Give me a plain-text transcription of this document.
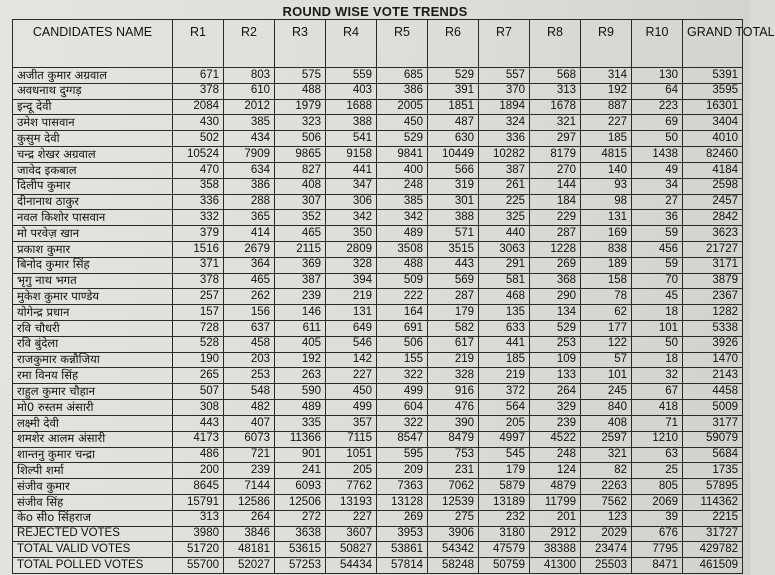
ROUND WISE VOTE TRENDS
CANDIDATES NAME	R1	R2	R3	R4	R5	R6	R7	R8	R9	R10	GRAND TOTAL
अजीत कुमार अग्रवाल	671	803	575	559	685	529	557	568	314	130	5391
अवधनाथ दुग्गड़	378	610	488	403	386	391	370	313	192	64	3595
इन्दू देवी	2084	2012	1979	1688	2005	1851	1894	1678	887	223	16301
उमेश पासवान	430	385	323	388	450	487	324	321	227	69	3404
कुसुम देवी	502	434	506	541	529	630	336	297	185	50	4010
चन्द्र शेखर अग्रवाल	10524	7909	9865	9158	9841	10449	10282	8179	4815	1438	82460
जावेद इकबाल	470	634	827	441	400	566	387	270	140	49	4184
दिलीप कुमार	358	386	408	347	248	319	261	144	93	34	2598
दीनानाथ ठाकुर	336	288	307	306	385	301	225	184	98	27	2457
नवल किशोर पासवान	332	365	352	342	342	388	325	229	131	36	2842
मो परवेज़ खान	379	414	465	350	489	571	440	287	169	59	3623
प्रकाश कुमार	1516	2679	2115	2809	3508	3515	3063	1228	838	456	21727
बिनोद कुमार सिंह	371	364	369	328	488	443	291	269	189	59	3171
भृगु नाथ भगत	378	465	387	394	509	569	581	368	158	70	3879
मुकेश कुमार पाण्डेय	257	262	239	219	222	287	468	290	78	45	2367
योगेन्द्र प्रधान	157	156	146	131	164	179	135	134	62	18	1282
रवि चौधरी	728	637	611	649	691	582	633	529	177	101	5338
रवि बुंदेला	528	458	405	546	506	617	441	253	122	50	3926
राजकुमार कन्नौजिया	190	203	192	142	155	219	185	109	57	18	1470
रमा विनय सिंह	265	253	263	227	322	328	219	133	101	32	2143
राहुल कुमार चौहान	507	548	590	450	499	916	372	264	245	67	4458
मो0 रुस्तम अंसारी	308	482	489	499	604	476	564	329	840	418	5009
लक्ष्मी देवी	443	407	335	357	322	390	205	239	408	71	3177
शमशेर आलम अंसारी	4173	6073	11366	7115	8547	8479	4997	4522	2597	1210	59079
शान्तनु कुमार चन्द्रा	486	721	901	1051	595	753	545	248	321	63	5684
शिल्पी शर्मा	200	239	241	205	209	231	179	124	82	25	1735
संजीव कुमार	8645	7144	6093	7762	7363	7062	5879	4879	2263	805	57895
संजीव सिंह	15791	12586	12506	13193	13128	12539	13189	11799	7562	2069	114362
केo सीo सिंहराज	313	264	272	227	269	275	232	201	123	39	2215
REJECTED VOTES	3980	3846	3638	3607	3953	3906	3180	2912	2029	676	31727
TOTAL VALID VOTES	51720	48181	53615	50827	53861	54342	47579	38388	23474	7795	429782
TOTAL POLLED VOTES	55700	52027	57253	54434	57814	58248	50759	41300	25503	8471	461509
